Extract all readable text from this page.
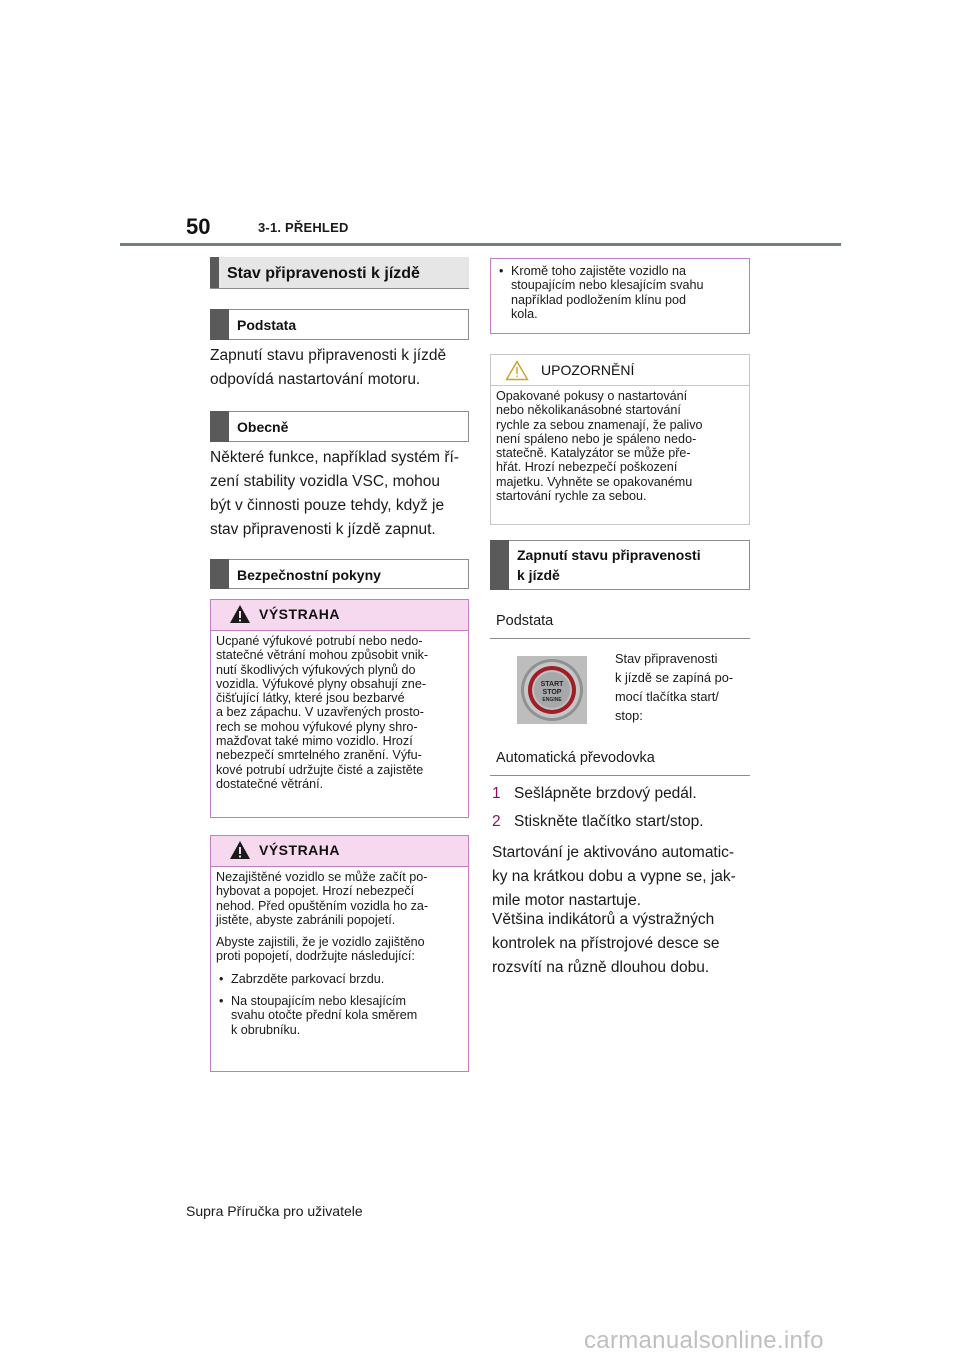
50	3-1. PŘEHLED
Stav připravenosti k jízdě
Podstata
Zapnutí stavu připravenosti k jízdě
odpovídá nastartování motoru.
Obecně
Některé funkce, například systém ří-
zení stability vozidla VSC, mohou
být v činnosti pouze tehdy, když je
stav připravenosti k jízdě zapnut.
Bezpečnostní pokyny
VÝSTRAHA

Ucpané výfukové potrubí nebo nedo-

statečné větrání mohou způsobit vnik-

nutí škodlivých výfukových plynů do

vozidla. Výfukové plyny obsahují zne-

čišťující látky, které jsou bezbarvé

a bez zápachu. V uzavřených prosto-

rech se mohou výfukové plyny shro-

mažďovat také mimo vozidlo. Hrozí

nebezpečí smrtelného zranění. Výfu-

kové potrubí udržujte čisté a zajistěte

dostatečné větrání.

VÝSTRAHA

Nezajištěné vozidlo se může začít po-

hybovat a popojet. Hrozí nebezpečí

nehod. Před opuštěním vozidla ho za-

jistěte, abyste zabránili popojetí.

Abyste zajistili, že je vozidlo zajištěno

proti popojetí, dodržujte následující:

• Zabrzděte parkovací brzdu.

• Na stoupajícím nebo klesajícím

svahu otočte přední kola směrem

k obrubníku.

• Kromě toho zajistěte vozidlo na

stoupajícím nebo klesajícím svahu

například podložením klínu pod

kola.

UPOZORNĚNÍ

Opakované pokusy o nastartování

nebo několikanásobné startování

rychle za sebou znamenají, že palivo

není spáleno nebo je spáleno nedo-

statečně. Katalyzátor se může pře-

hřát. Hrozí nebezpečí poškození

majetku. Vyhněte se opakovanému

startování rychle za sebou.

Zapnutí stavu připravenosti
k jízdě
Podstata
START
STOP
ENGINE
Stav připravenosti
k jízdě se zapíná po-
mocí tlačítka start/
stop:
Automatická převodovka
1 Sešlápněte brzdový pedál.
2 Stiskněte tlačítko start/stop.
Startování je aktivováno automatic-
ky na krátkou dobu a vypne se, jak-
mile motor nastartuje.
Většina indikátorů a výstražných
kontrolek na přístrojové desce se
rozsvítí na různě dlouhou dobu.
Supra Příručka pro uživatele
carmanualsonline.info
